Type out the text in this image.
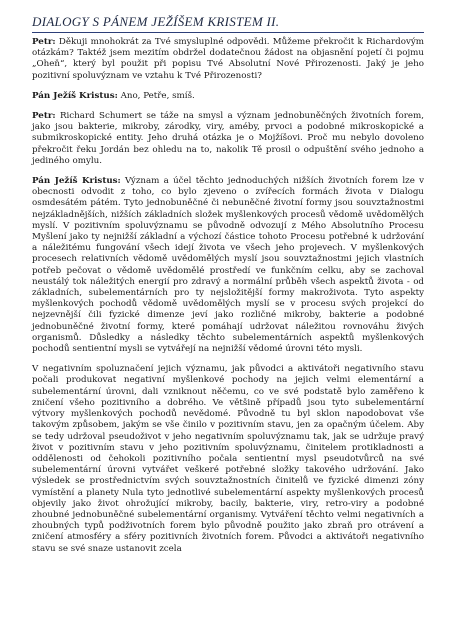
DIALOGY S PÁNEM JEŽÍŠEM KRISTEM II.

Petr: Děkuji mnohokrát za Tvé smysluplné odpovědi. Můžeme překročit k Richardovým otázkám? Taktéž jsem mezitím obdržel dodatečnou žádost na objasnění pojetí či pojmu „Oheň“, který byl použit při popisu Tvé Absolutní Nové Přirozenosti. Jaký je jeho pozitivní spoluvýznam ve vztahu k Tvé Přirozenosti?

Pán Ježíš Kristus: Ano, Petře, smíš.

Petr: Richard Schumert se táže na smysl a význam jednobuněčných životních forem, jako jsou bakterie, mikroby, zárodky, viry, améby, prvoci a podobné mikroskopické a submikroskopické entity. Jeho druhá otázka je o Mojžíšovi. Proč mu nebylo dovoleno překročit řeku Jordán bez ohledu na to, nakolik Tě prosil o odpuštění svého jednoho a jediného omylu.

Pán Ježíš Kristus: Význam a účel těchto jednoduchých nižších životních forem lze v obecnosti odvodit z toho, co bylo zjeveno o zvířecích formách života v Dialogu osmdesátém pátém. Tyto jednobuněčné či nebuněčné životní formy jsou souvztažnostmi nejzákladnějších, nižších základních složek myšlenkových procesů vědomě uvědomělých myslí. V pozitivním spoluvýznamu se původně odvozují z Mého Absolutního Procesu Myšlení jako ty nejnižší základní a výchozí částice tohoto Procesu potřebné k udržování a náležitému fungování všech idejí života ve všech jeho projevech. V myšlenkových procesech relativních vědomě uvědomělých myslí jsou souvztažnostmi jejich vlastních potřeb pečovat o vědomě uvědomělé prostředí ve funkčním celku, aby se zachoval neustálý tok náležitých energií pro zdravý a normální průběh všech aspektů života - od základních, subelementárních pro ty nejsložitější formy makroživota. Tyto aspekty myšlenkových pochodů vědomě uvědomělých myslí se v procesu svých projekcí do nejzevnější čili fyzické dimenze jeví jako rozličné mikroby, bakterie a podobné jednobuněčné životní formy, které pomáhají udržovat náležitou rovnováhu živých organismů. Důsledky a následky těchto subelementárních aspektů myšlenkových pochodů sentientní mysli se vytvářejí na nejnižší vědomé úrovni této mysli.

V negativním spoluznačení jejich významu, jak původci a aktivátoři negativního stavu počali produkovat negativní myšlenkové pochody na jejich velmi elementární a subelementární úrovni, dali vzniknout něčemu, co ve své podstatě bylo zaměřeno k zničení všeho pozitivního a dobrého. Ve většině případů jsou tyto subelementární výtvory myšlenkových pochodů nevědomé. Původně tu byl sklon napodobovat vše takovým způsobem, jakým se vše činilo v pozitivním stavu, jen za opačným účelem. Aby se tedy udržoval pseudoživot v jeho negativním spoluvýznamu tak, jak se udržuje pravý život v pozitivním stavu v jeho pozitivním spoluvýznamu, činitelem protikladnosti a oddělenosti od čehokoli pozitivního počala sentientní mysl pseudotvůrců na své subelementární úrovni vytvářet veškeré potřebné složky takového udržování. Jako výsledek se prostřednictvím svých souvztažnostních činitelů ve fyzické dimenzi zóny vymístění a planety Nula tyto jednotlivé subelementární aspekty myšlenkových procesů objevily jako život ohrožující mikroby, bacily, bakterie, viry, retro-viry a podobné zhoubné jednobuněčné subelementární organismy. Vytváření těchto velmi negativních a zhoubných typů podživotních forem bylo původně použito jako zbraň pro otrávení a zničení atmosféry a sféry pozitivních životních forem. Původci a aktivátoři negativního stavu se své snaze ustanovit zcela
